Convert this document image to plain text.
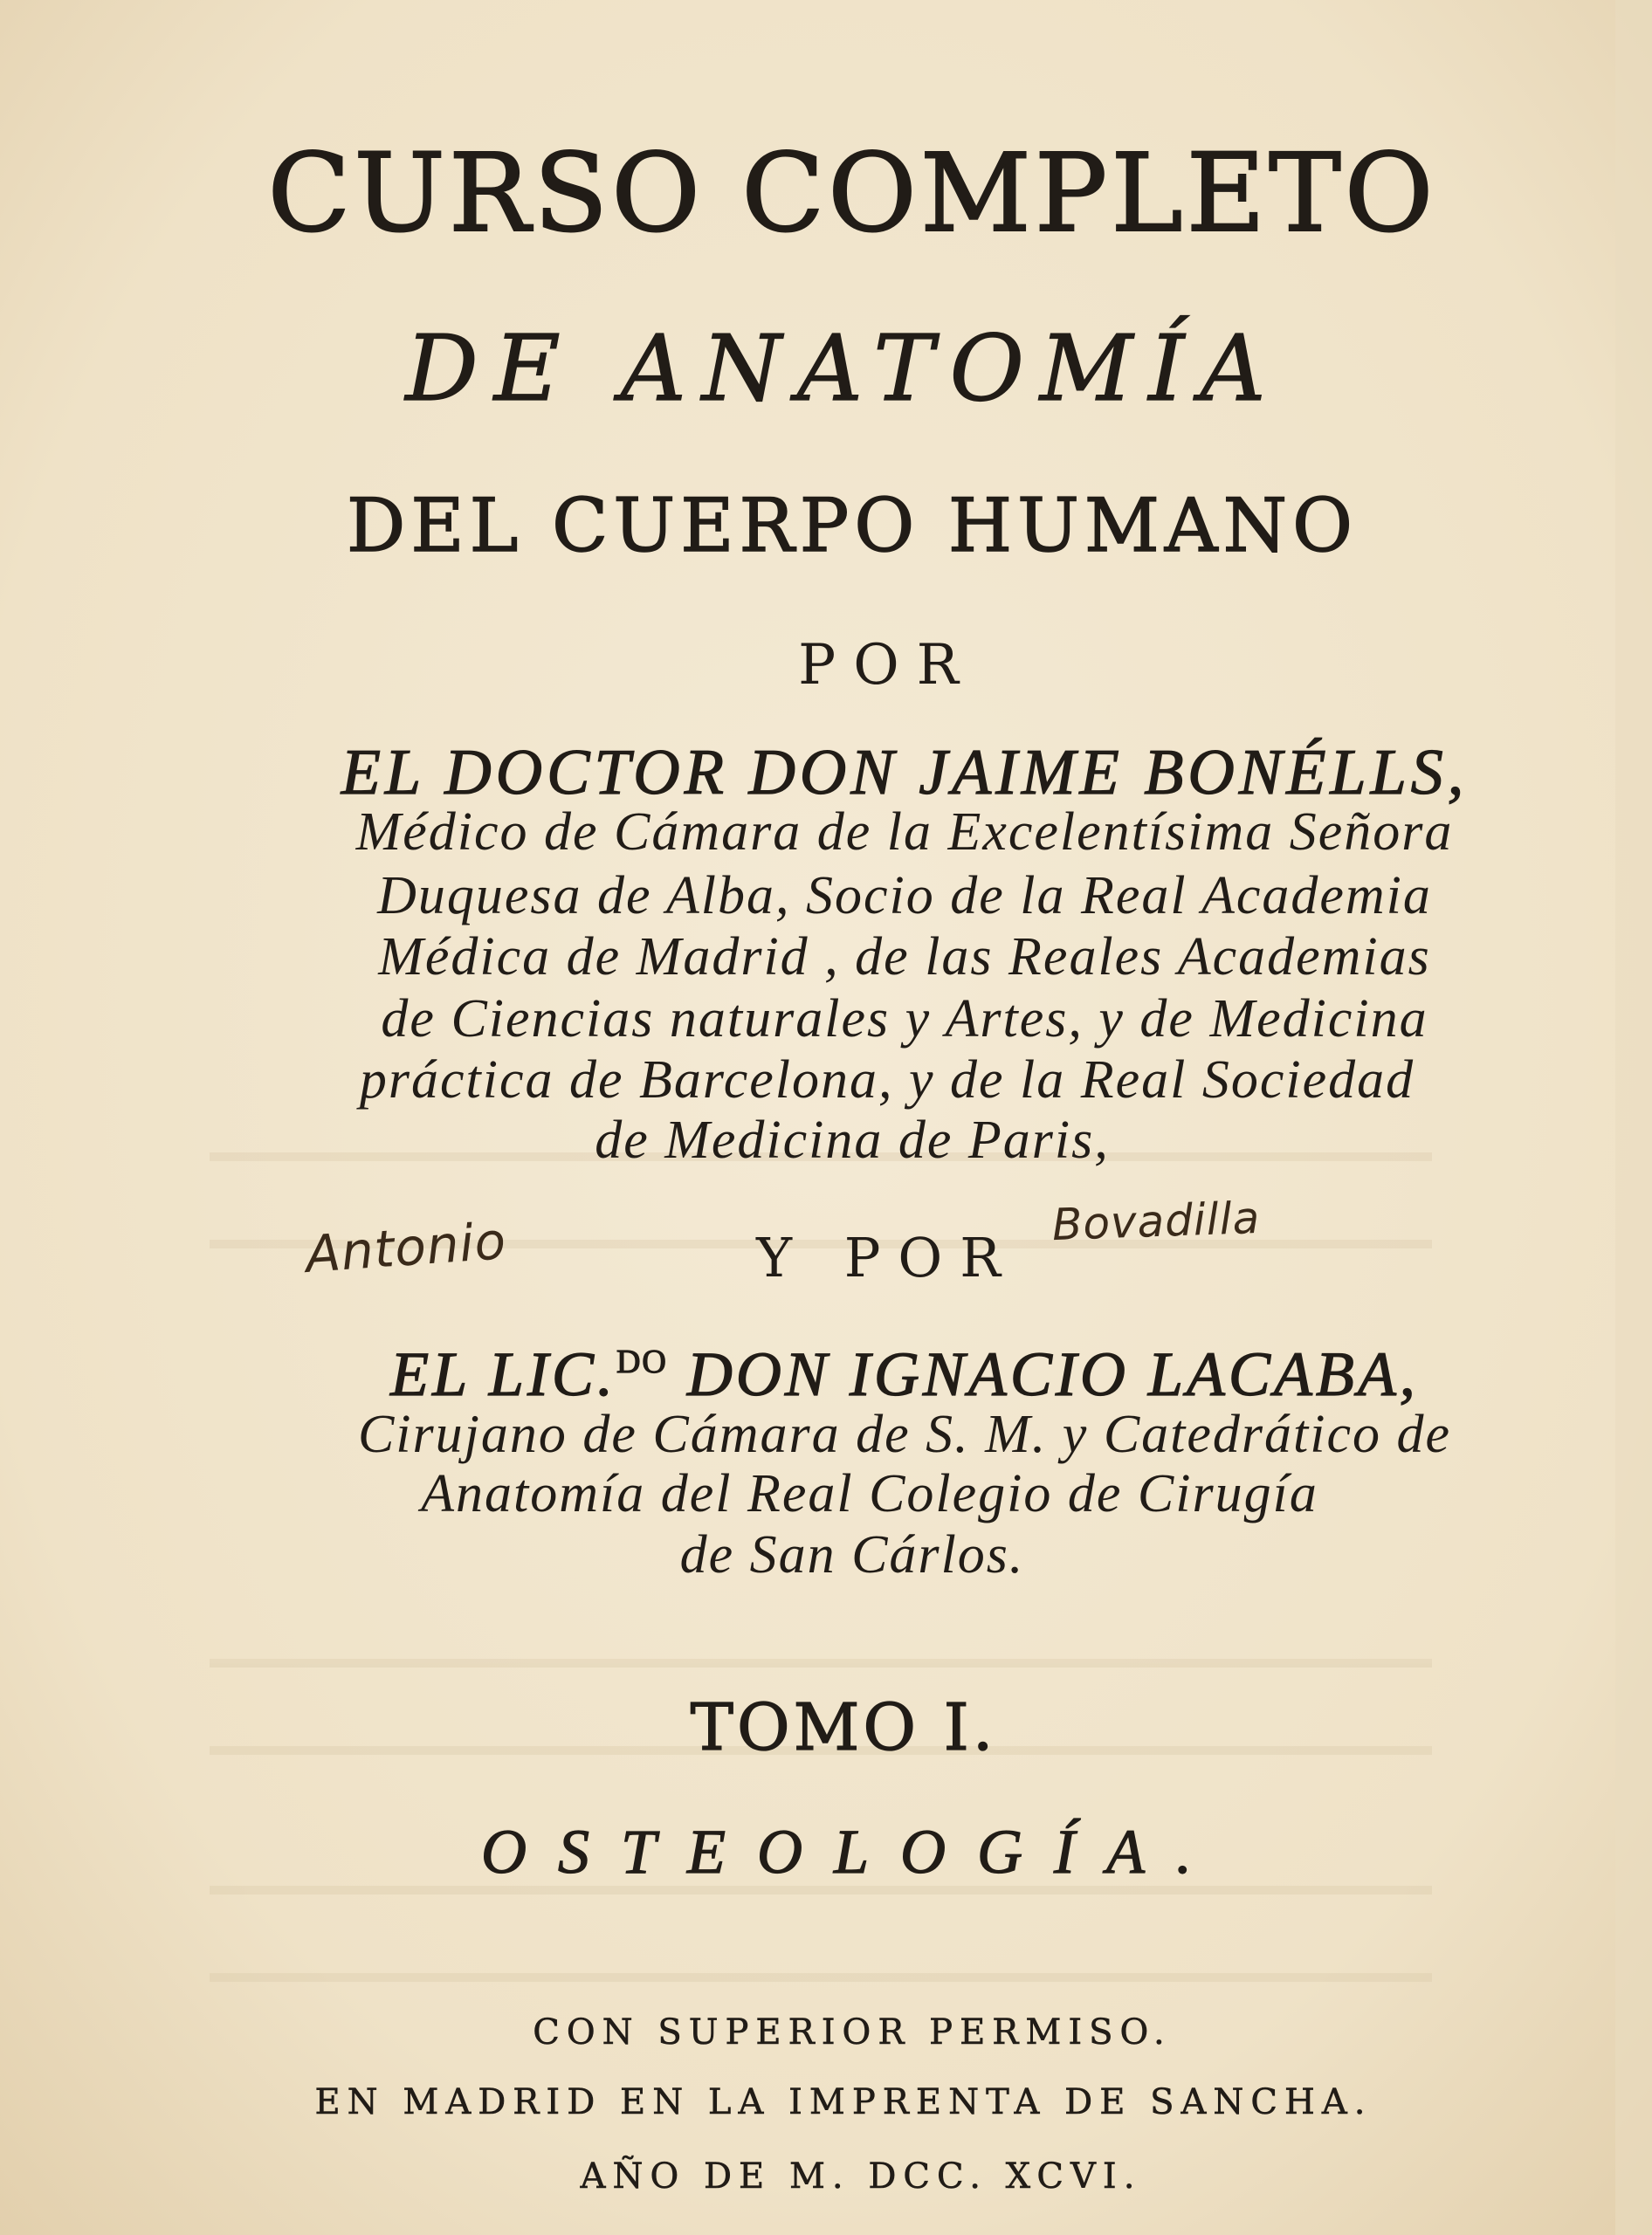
CURSO COMPLETO
DE ANATOMÍA
DEL CUERPO HUMANO
POR
EL DOCTOR DON JAIME BONÉLLS,
Médico de Cámara de la Excelentísima Señora
Duquesa de Alba, Socio de la Real Academia
Médica de Madrid , de las Reales Academias
de Ciencias naturales y Artes, y de Medicina
práctica de Barcelona, y de la Real Sociedad
de Medicina de Paris,
Antonio	Y POR
Bovadilla
EL LIC.$^{DO}$ DON IGNACIO LACABA,
Cirujano de Cámara de S. M. y Catedrático de
Anatomía del Real Colegio de Cirugía
de San Cárlos.
TOMO I.
OSTEOLOGÍA.
CON SUPERIOR PERMISO.
EN MADRID EN LA IMPRENTA DE SANCHA.
AÑO DE M. DCC. XCVI.
